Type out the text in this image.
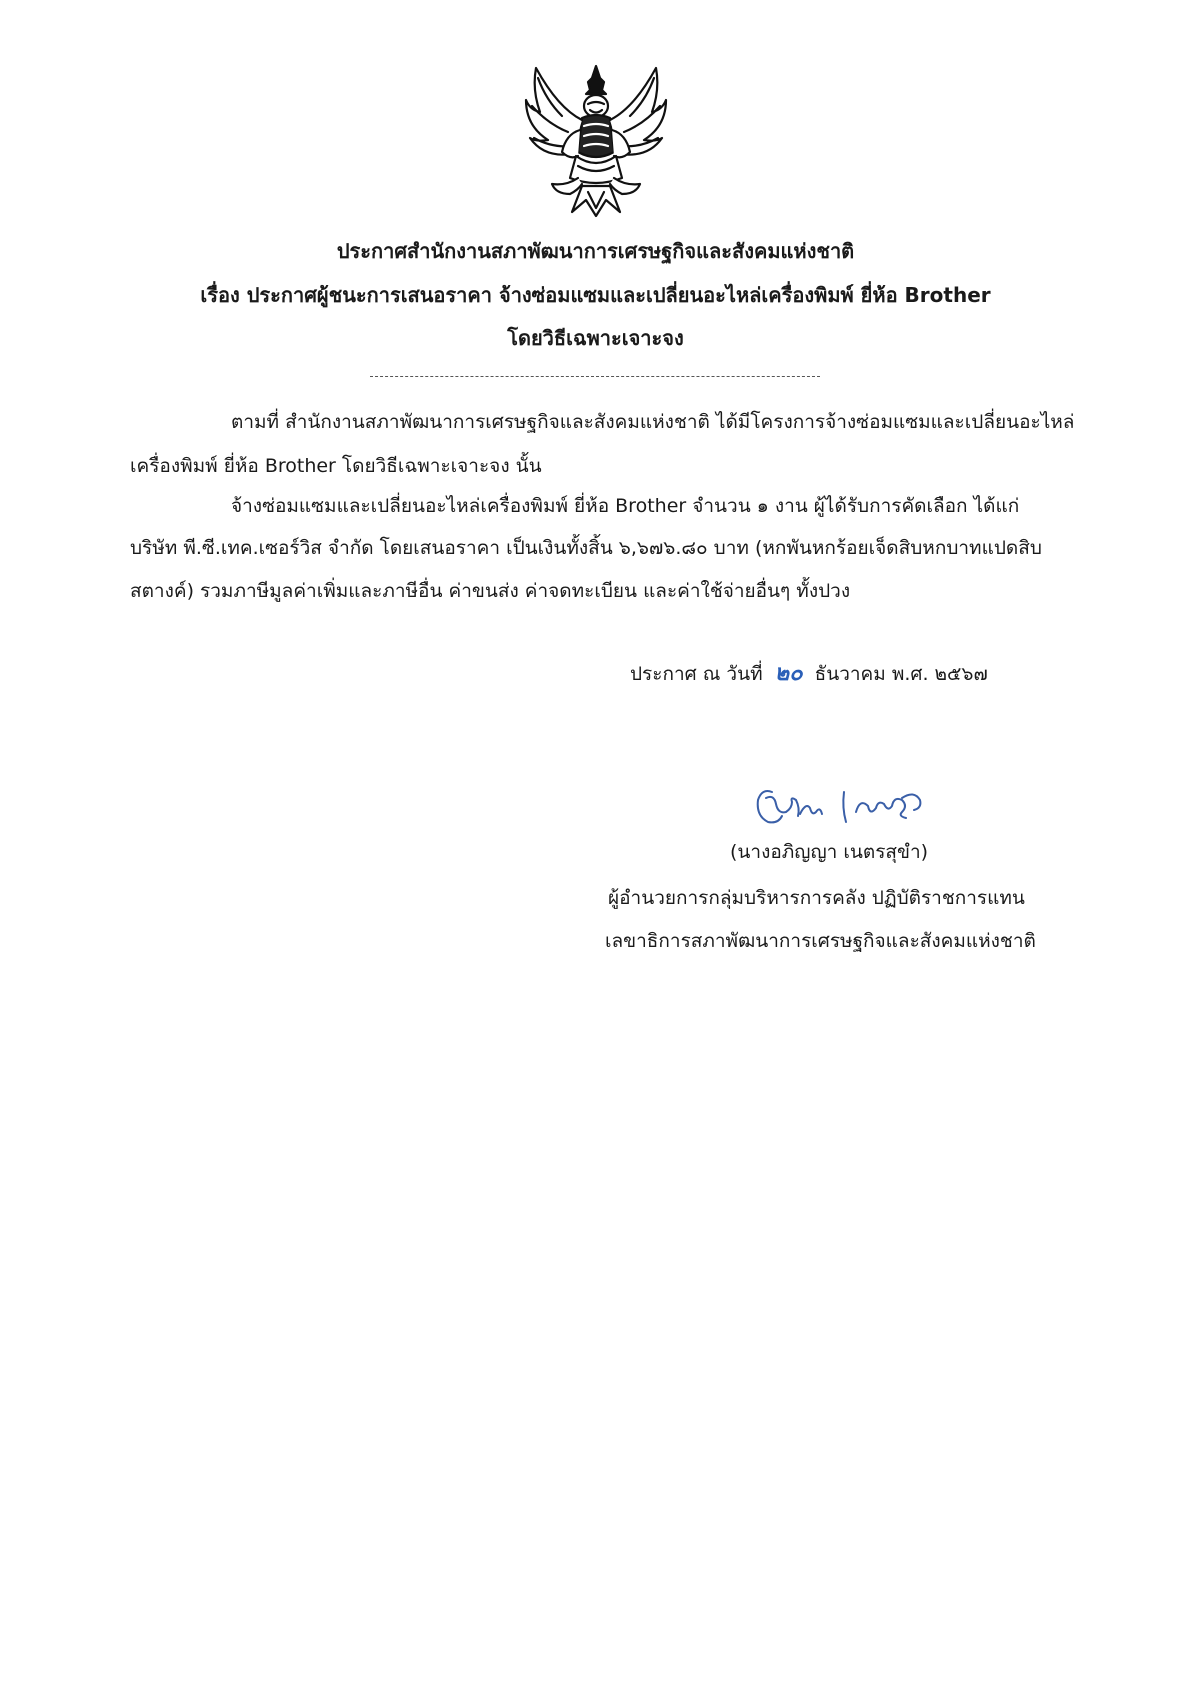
ประกาศสำนักงานสภาพัฒนาการเศรษฐกิจและสังคมแห่งชาติ
เรื่อง ประกาศผู้ชนะการเสนอราคา จ้างซ่อมแซมและเปลี่ยนอะไหล่เครื่องพิมพ์ ยี่ห้อ Brother
โดยวิธีเฉพาะเจาะจง
ตามที่ สำนักงานสภาพัฒนาการเศรษฐกิจและสังคมแห่งชาติ ได้มีโครงการจ้างซ่อมแซมและเปลี่ยนอะไหล่
เครื่องพิมพ์ ยี่ห้อ Brother โดยวิธีเฉพาะเจาะจง นั้น
จ้างซ่อมแซมและเปลี่ยนอะไหล่เครื่องพิมพ์ ยี่ห้อ Brother จำนวน ๑ งาน ผู้ได้รับการคัดเลือก ได้แก่
บริษัท พี.ซี.เทค.เซอร์วิส จำกัด โดยเสนอราคา เป็นเงินทั้งสิ้น ๖,๖๗๖.๘๐ บาท (หกพันหกร้อยเจ็ดสิบหกบาทแปดสิบ
สตางค์) รวมภาษีมูลค่าเพิ่มและภาษีอื่น ค่าขนส่ง ค่าจดทะเบียน และค่าใช้จ่ายอื่นๆ ทั้งปวง
ประกาศ ณ วันที่ ๒๐ ธันวาคม พ.ศ. ๒๕๖๗
(นางอภิญญา เนตรสุขำ)
ผู้อำนวยการกลุ่มบริหารการคลัง ปฏิบัติราชการแทน
เลขาธิการสภาพัฒนาการเศรษฐกิจและสังคมแห่งชาติ
